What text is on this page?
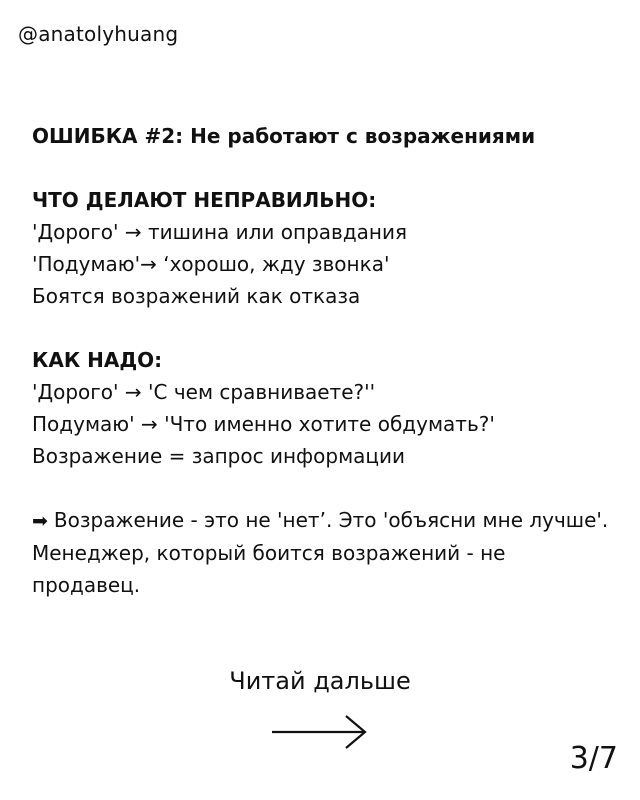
@anatolyhuang

ОШИБКА #2: Не работают с возражениями

ЧТО ДЕЛАЮТ НЕПРАВИЛЬНО:

'Дорого' → тишина или оправдания

'Подумаю'→ ‘хорошо, жду звонка'

Боятся возражений как отказа

КАК НАДО:

'Дорого' → 'С чем сравниваете?''

Подумаю' → 'Что именно хотите обдумать?'

Возражение = запрос информации

➡ Возражение - это не 'нет’. Это 'объясни мне лучше'. Менеджер, который боится возражений - не продавец.

Читай дальше
3/7
